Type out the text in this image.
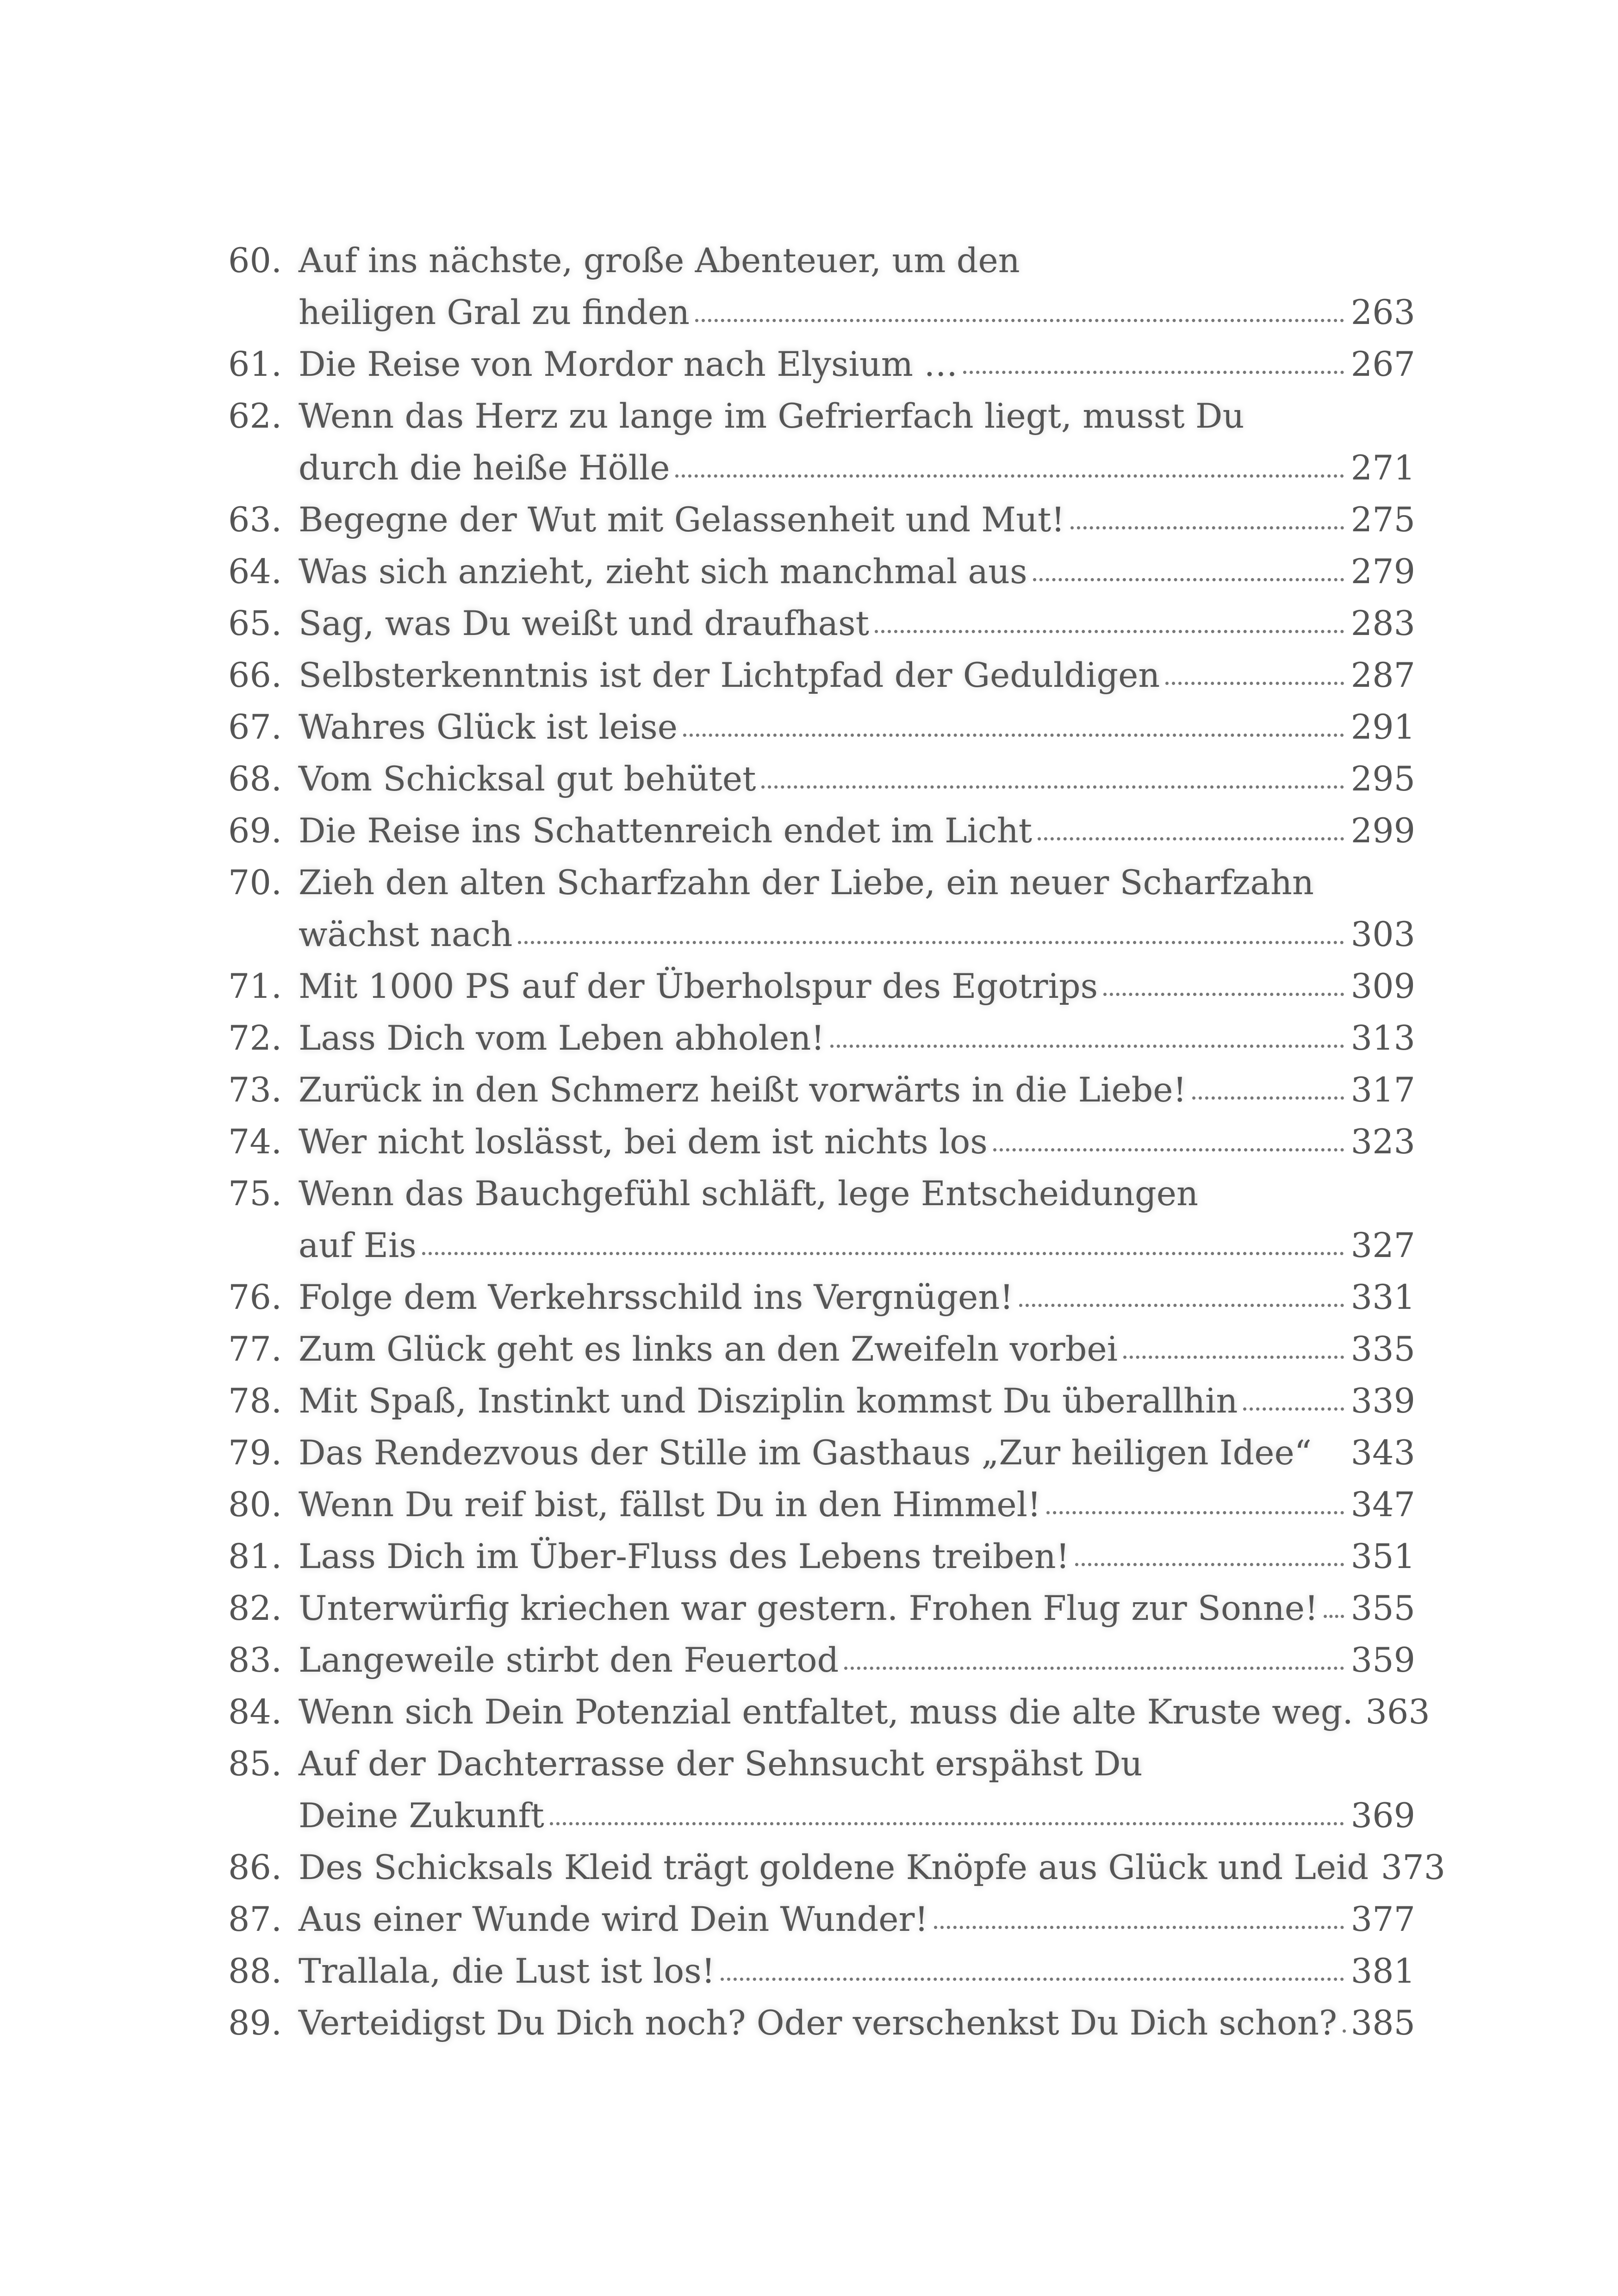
60. Auf ins nächste, große Abenteuer, um den
heiligen Gral zu finden	263
61. Die Reise von Mordor nach Elysium …	267
62. Wenn das Herz zu lange im Gefrierfach liegt, musst Du
durch die heiße Hölle	271
63. Begegne der Wut mit Gelassenheit und Mut!	275
64. Was sich anzieht, zieht sich manchmal aus	279
65. Sag, was Du weißt und draufhast	283
66. Selbsterkenntnis ist der Lichtpfad der Geduldigen	287
67. Wahres Glück ist leise	291
68. Vom Schicksal gut behütet	295
69. Die Reise ins Schattenreich endet im Licht	299
70. Zieh den alten Scharfzahn der Liebe, ein neuer Scharfzahn
wächst nach	303
71. Mit 1000 PS auf der Überholspur des Egotrips	309
72. Lass Dich vom Leben abholen!	313
73. Zurück in den Schmerz heißt vorwärts in die Liebe!	317
74. Wer nicht loslässt, bei dem ist nichts los	323
75. Wenn das Bauchgefühl schläft, lege Entscheidungen
auf Eis	327
76. Folge dem Verkehrsschild ins Vergnügen!	331
77. Zum Glück geht es links an den Zweifeln vorbei	335
78. Mit Spaß, Instinkt und Disziplin kommst Du überallhin	339
79. Das Rendezvous der Stille im Gasthaus „Zur heiligen Idee“ 343
80. Wenn Du reif bist, fällst Du in den Himmel!	347
81. Lass Dich im Über-Fluss des Lebens treiben!	351
82. Unterwürfig kriechen war gestern. Frohen Flug zur Sonne! 355
83. Langeweile stirbt den Feuertod	359
84. Wenn sich Dein Potenzial entfaltet, muss die alte Kruste weg. 363
85. Auf der Dachterrasse der Sehnsucht erspähst Du
Deine Zukunft	369
86. Des Schicksals Kleid trägt goldene Knöpfe aus Glück und Leid 373
87. Aus einer Wunde wird Dein Wunder!	377
88. Trallala, die Lust ist los!	381
89. Verteidigst Du Dich noch? Oder verschenkst Du Dich schon? 385
